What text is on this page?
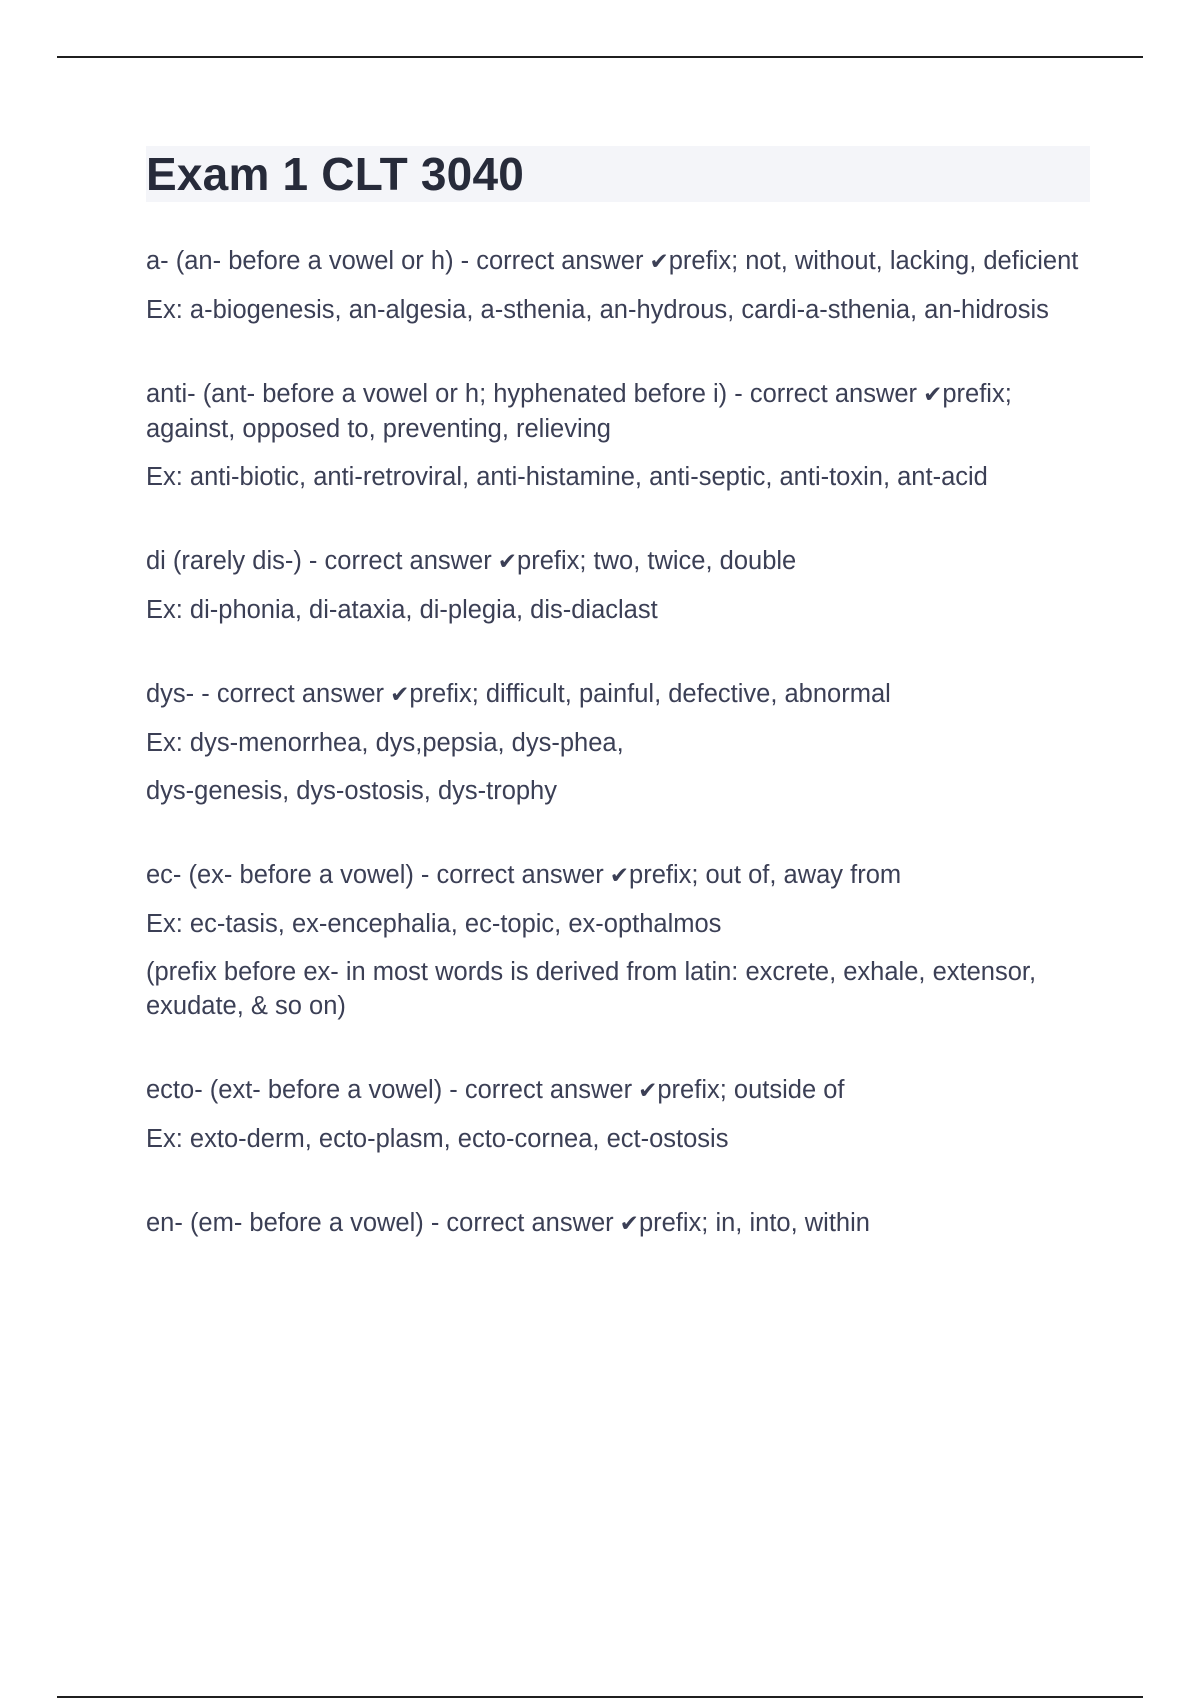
Exam 1 CLT 3040

a- (an- before a vowel or h) - correct answer ✔prefix; not, without, lacking, deficient

Ex: a-biogenesis, an-algesia, a-sthenia, an-hydrous, cardi-a-sthenia, an-hidrosis

anti- (ant- before a vowel or h; hyphenated before i) - correct answer ✔prefix; against, opposed to, preventing, relieving

Ex: anti-biotic, anti-retroviral, anti-histamine, anti-septic, anti-toxin, ant-acid

di (rarely dis-) - correct answer ✔prefix; two, twice, double

Ex: di-phonia, di-ataxia, di-plegia, dis-diaclast

dys- - correct answer ✔prefix; difficult, painful, defective, abnormal

Ex: dys-menorrhea, dys,pepsia, dys-phea,

dys-genesis, dys-ostosis, dys-trophy

ec- (ex- before a vowel) - correct answer ✔prefix; out of, away from

Ex: ec-tasis, ex-encephalia, ec-topic, ex-opthalmos

(prefix before ex- in most words is derived from latin: excrete, exhale, extensor, exudate, & so on)

ecto- (ext- before a vowel) - correct answer ✔prefix; outside of

Ex: exto-derm, ecto-plasm, ecto-cornea, ect-ostosis

en- (em- before a vowel) - correct answer ✔prefix; in, into, within
